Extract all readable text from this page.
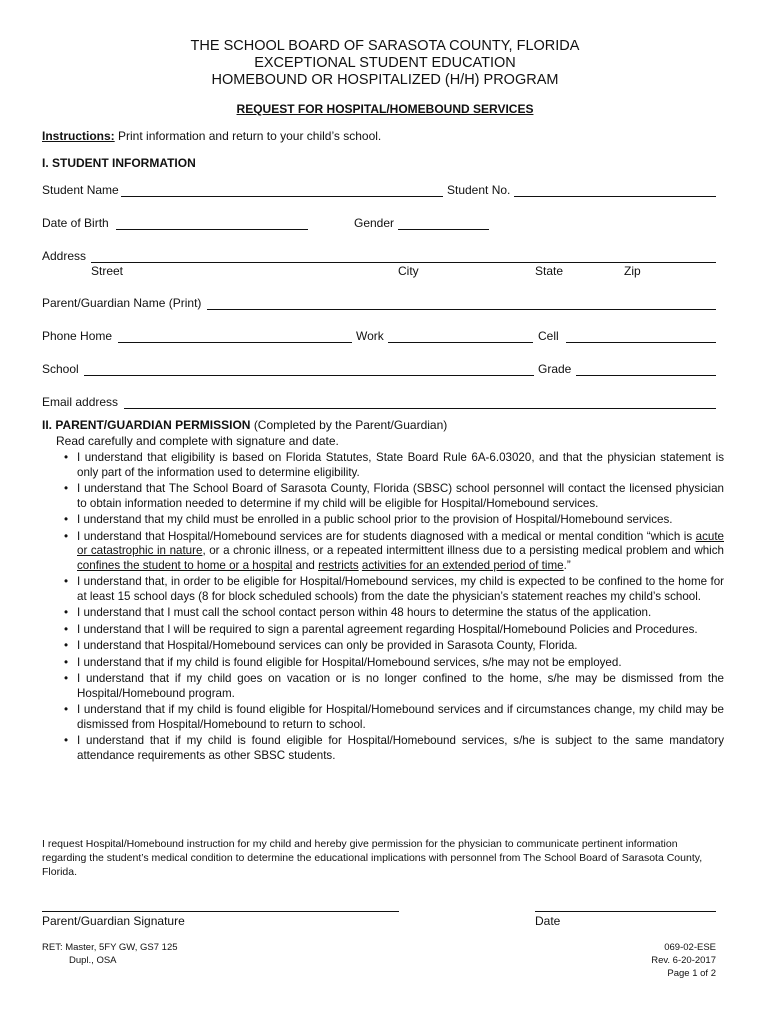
THE SCHOOL BOARD OF SARASOTA COUNTY, FLORIDA
EXCEPTIONAL STUDENT EDUCATION
HOMEBOUND OR HOSPITALIZED (H/H) PROGRAM
REQUEST FOR HOSPITAL/HOMEBOUND SERVICES
Instructions: Print information and return to your child’s school.
I. STUDENT INFORMATION
Student Name	Student No.
Date of Birth	Gender
Address
Street	City	State	Zip
Parent/Guardian Name (Print)
Phone Home	Work	Cell
School	Grade
Email address
II. PARENT/GUARDIAN PERMISSION (Completed by the Parent/Guardian)
Read carefully and complete with signature and date.
• I understand that eligibility is based on Florida Statutes, State Board Rule 6A-6.03020, and that the physician statement is only part of the information used to determine eligibility.
• I understand that The School Board of Sarasota County, Florida (SBSC) school personnel will contact the licensed physician to obtain information needed to determine if my child will be eligible for Hospital/Homebound services.
• I understand that my child must be enrolled in a public school prior to the provision of Hospital/Homebound services.
• I understand that Hospital/Homebound services are for students diagnosed with a medical or mental condition “which is acute or catastrophic in nature, or a chronic illness, or a repeated intermittent illness due to a persisting medical problem and which confines the student to home or a hospital and restricts activities for an extended period of time.”
• I understand that, in order to be eligible for Hospital/Homebound services, my child is expected to be confined to the home for at least 15 school days (8 for block scheduled schools) from the date the physician’s statement reaches my child’s school.
• I understand that I must call the school contact person within 48 hours to determine the status of the application.
• I understand that I will be required to sign a parental agreement regarding Hospital/Homebound Policies and Procedures.
• I understand that Hospital/Homebound services can only be provided in Sarasota County, Florida.
• I understand that if my child is found eligible for Hospital/Homebound services, s/he may not be employed.
• I understand that if my child goes on vacation or is no longer confined to the home, s/he may be dismissed from the Hospital/Homebound program.
• I understand that if my child is found eligible for Hospital/Homebound services and if circumstances change, my child may be dismissed from Hospital/Homebound to return to school.
• I understand that if my child is found eligible for Hospital/Homebound services, s/he is subject to the same mandatory attendance requirements as other SBSC students.
I request Hospital/Homebound instruction for my child and hereby give permission for the physician to communicate pertinent information regarding the student’s medical condition to determine the educational implications with personnel from The School Board of Sarasota County, Florida.
Parent/Guardian Signature	Date
RET: Master, 5FY GW, GS7 125
Dupl., OSA
069-02-ESE
Rev. 6-20-2017
Page 1 of 2
